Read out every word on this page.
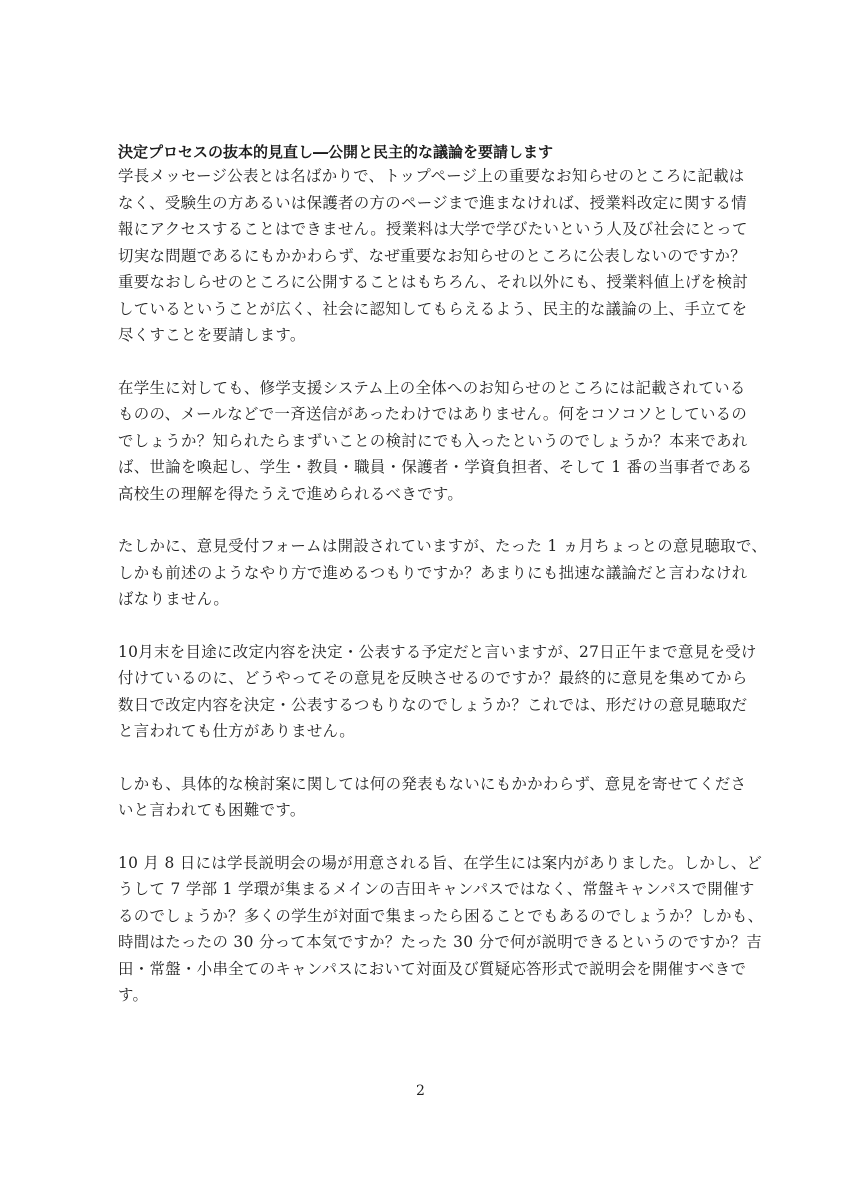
決定プロセスの抜本的見直し―公開と民主的な議論を要請します

学長メッセージ公表とは名ばかりで、トップページ上の重要なお知らせのところに記載は
なく、受験生の方あるいは保護者の方のページまで進まなければ、授業料改定に関する情
報にアクセスすることはできません。授業料は大学で学びたいという人及び社会にとって
切実な問題であるにもかかわらず、なぜ重要なお知らせのところに公表しないのですか？
重要なおしらせのところに公開することはもちろん、それ以外にも、授業料値上げを検討
しているということが広く、社会に認知してもらえるよう、民主的な議論の上、手立てを
尽くすことを要請します。

在学生に対しても、修学支援システム上の全体へのお知らせのところには記載されている
ものの、メールなどで一斉送信があったわけではありません。何をコソコソとしているの
でしょうか？知られたらまずいことの検討にでも入ったというのでしょうか？本来であれ
ば、世論を喚起し、学生・教員・職員・保護者・学資負担者、そして 1 番の当事者である
高校生の理解を得たうえで進められるべきです。

たしかに、意見受付フォームは開設されていますが、たった 1 ヵ月ちょっとの意見聴取で、
しかも前述のようなやり方で進めるつもりですか？あまりにも拙速な議論だと言わなけれ
ばなりません。

10月末を目途に改定内容を決定・公表する予定だと言いますが、27日正午まで意見を受け
付けているのに、どうやってその意見を反映させるのですか？最終的に意見を集めてから
数日で改定内容を決定・公表するつもりなのでしょうか？これでは、形だけの意見聴取だ
と言われても仕方がありません。

しかも、具体的な検討案に関しては何の発表もないにもかかわらず、意見を寄せてくださ
いと言われても困難です。

10 月 8 日には学長説明会の場が用意される旨、在学生には案内がありました。しかし、ど
うして 7 学部 1 学環が集まるメインの吉田キャンパスではなく、常盤キャンパスで開催す
るのでしょうか？多くの学生が対面で集まったら困ることでもあるのでしょうか？しかも、
時間はたったの 30 分って本気ですか？たった 30 分で何が説明できるというのですか？吉
田・常盤・小串全てのキャンパスにおいて対面及び質疑応答形式で説明会を開催すべきで
す。

2
